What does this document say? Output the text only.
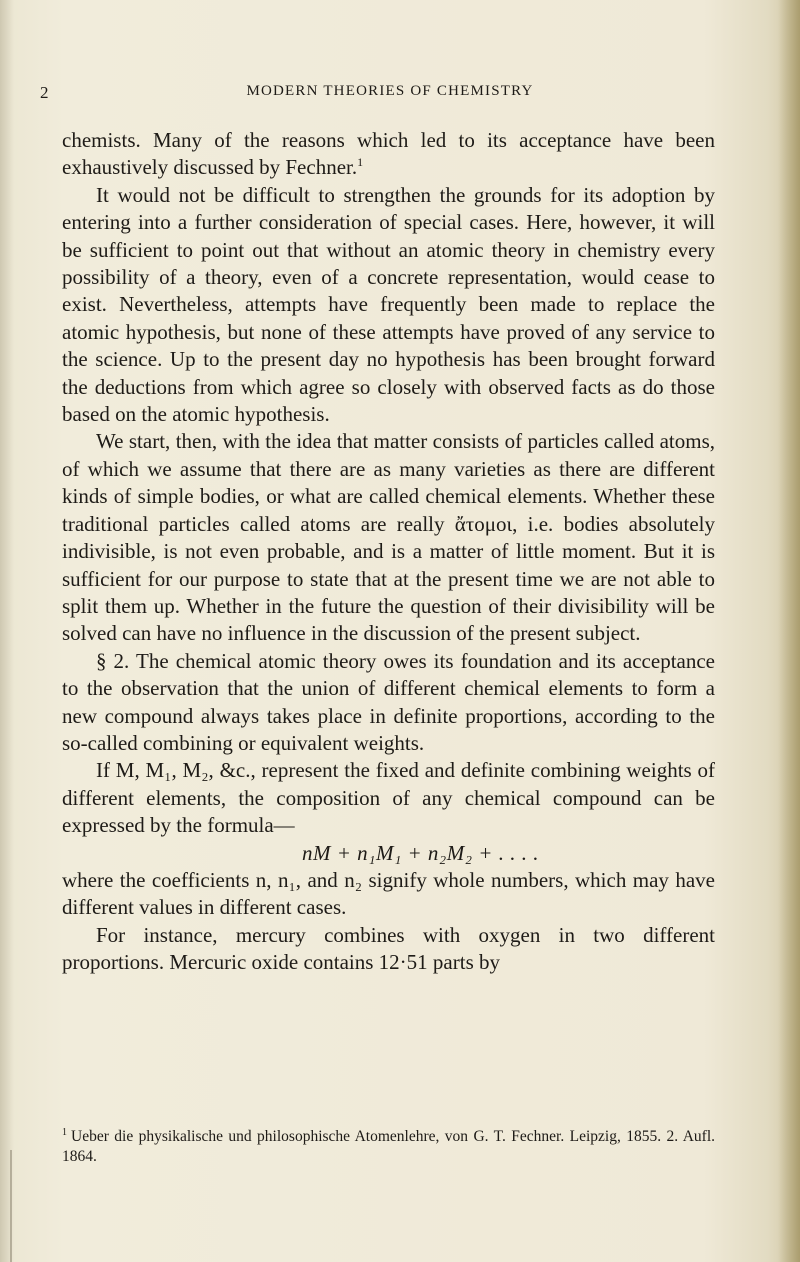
2	MODERN THEORIES OF CHEMISTRY

chemists. Many of the reasons which led to its acceptance have been exhaustively discussed by Fechner.$^1$

It would not be difficult to strengthen the grounds for its adoption by entering into a further consideration of special cases. Here, however, it will be sufficient to point out that without an atomic theory in chemistry every possibility of a theory, even of a concrete representation, would cease to exist. Nevertheless, attempts have frequently been made to replace the atomic hypothesis, but none of these attempts have proved of any service to the science. Up to the present day no hypothesis has been brought forward the deductions from which agree so closely with observed facts as do those based on the atomic hypothesis.

We start, then, with the idea that matter consists of particles called atoms, of which we assume that there are as many varieties as there are different kinds of simple bodies, or what are called chemical elements. Whether these traditional particles called atoms are really ἄτομοι, i.e. bodies absolutely indivisible, is not even probable, and is a matter of little moment. But it is sufficient for our purpose to state that at the present time we are not able to split them up. Whether in the future the question of their divisibility will be solved can have no influence in the discussion of the present subject.

§ 2. The chemical atomic theory owes its foundation and its acceptance to the observation that the union of different chemical elements to form a new compound always takes place in definite proportions, according to the so-called combining or equivalent weights.

If M, M₁, M₂, &c., represent the fixed and definite combining weights of different elements, the composition of any chemical compound can be expressed by the formula—

nM + n₁M₁ + n₂M₂ + . . . .

where the coefficients n, n₁, and n₂ signify whole numbers, which may have different values in different cases.

For instance, mercury combines with oxygen in two different proportions. Mercuric oxide contains 12·51 parts by

$^1$ Ueber die physikalische und philosophische Atomenlehre, von G. T. Fechner. Leipzig, 1855. 2. Aufl. 1864.
